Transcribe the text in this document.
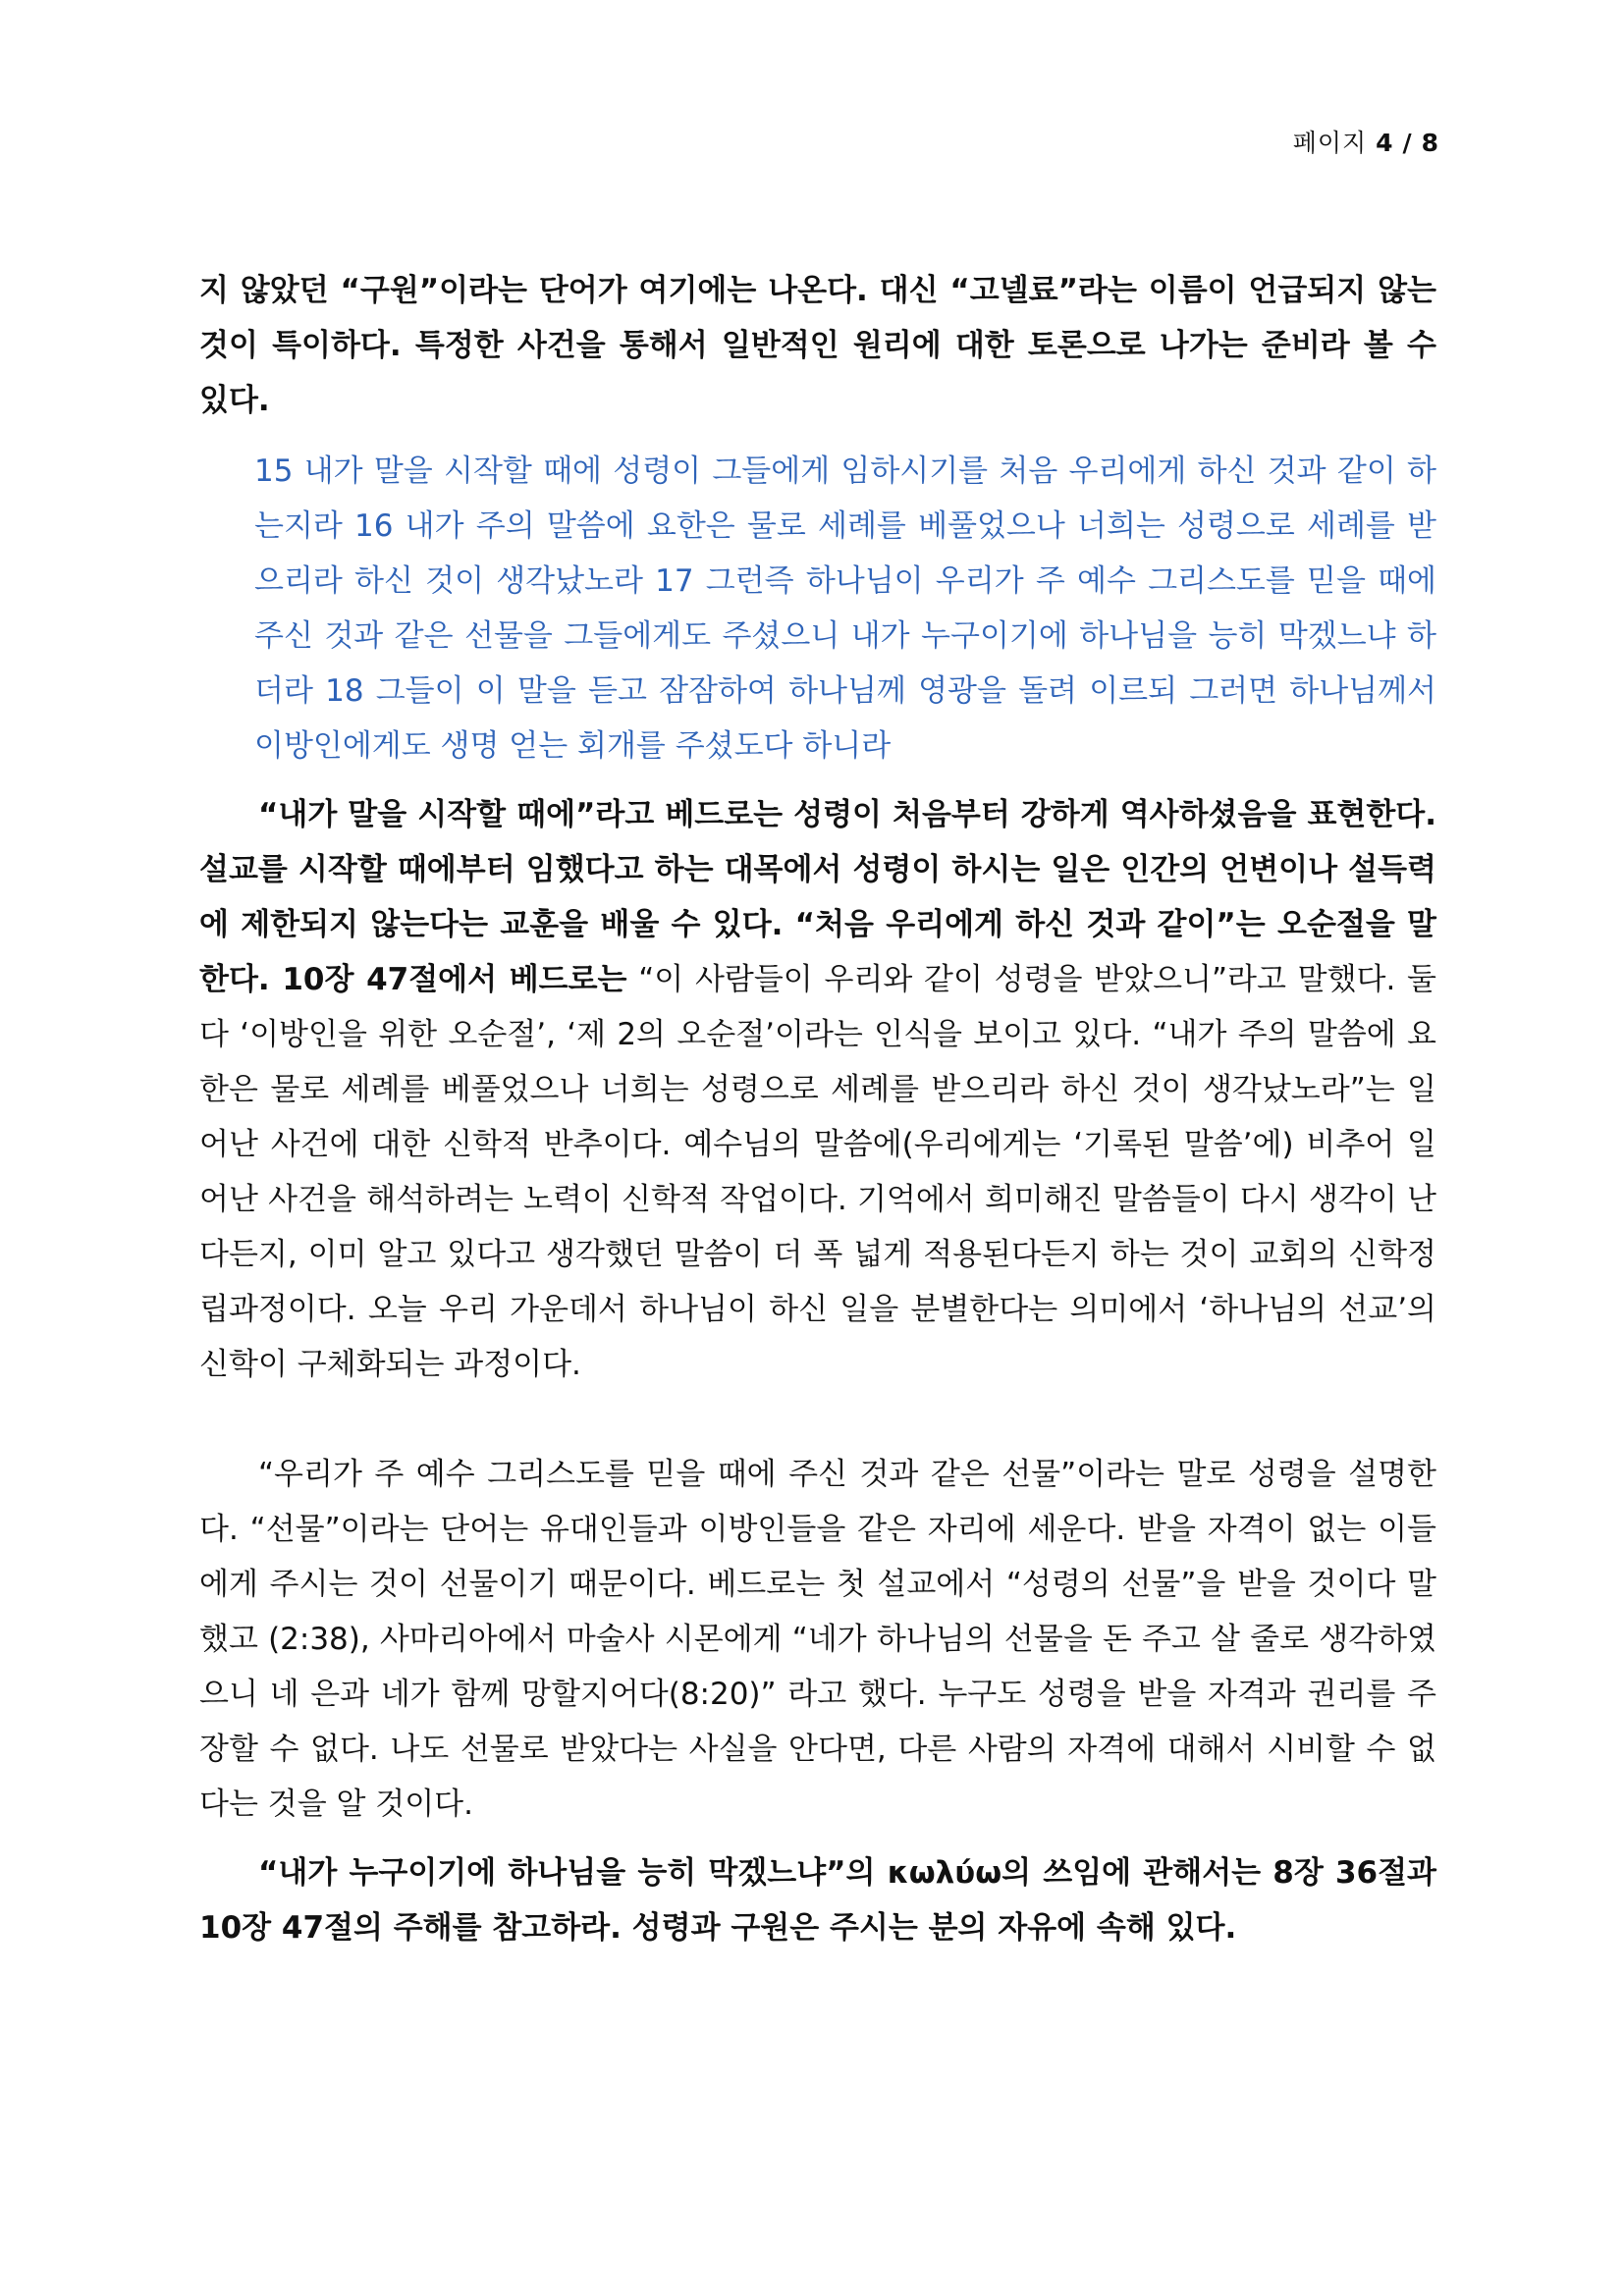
페이지 4 / 8

지 않았던 “구원”이라는 단어가 여기에는 나온다. 대신 “고넬료”라는 이름이 언급되지 않는 것이 특이하다. 특정한 사건을 통해서 일반적인 원리에 대한 토론으로 나가는 준비라 볼 수 있다.

15 내가 말을 시작할 때에 성령이 그들에게 임하시기를 처음 우리에게 하신 것과 같이 하는지라 16 내가 주의 말씀에 요한은 물로 세례를 베풀었으나 너희는 성령으로 세례를 받으리라 하신 것이 생각났노라 17 그런즉 하나님이 우리가 주 예수 그리스도를 믿을 때에 주신 것과 같은 선물을 그들에게도 주셨으니 내가 누구이기에 하나님을 능히 막겠느냐 하더라 18 그들이 이 말을 듣고 잠잠하여 하나님께 영광을 돌려 이르되 그러면 하나님께서 이방인에게도 생명 얻는 회개를 주셨도다 하니라

“내가 말을 시작할 때에”라고 베드로는 성령이 처음부터 강하게 역사하셨음을 표현한다. 설교를 시작할 때에부터 임했다고 하는 대목에서 성령이 하시는 일은 인간의 언변이나 설득력에 제한되지 않는다는 교훈을 배울 수 있다. “처음 우리에게 하신 것과 같이”는 오순절을 말한다. 10장 47절에서 베드로는 “이 사람들이 우리와 같이 성령을 받았으니”라고 말했다. 둘 다 ‘이방인을 위한 오순절’, ‘제 2의 오순절’이라는 인식을 보이고 있다. “내가 주의 말씀에 요한은 물로 세례를 베풀었으나 너희는 성령으로 세례를 받으리라 하신 것이 생각났노라”는 일어난 사건에 대한 신학적 반추이다. 예수님의 말씀에(우리에게는 ‘기록된 말씀’에) 비추어 일어난 사건을 해석하려는 노력이 신학적 작업이다. 기억에서 희미해진 말씀들이 다시 생각이 난다든지, 이미 알고 있다고 생각했던 말씀이 더 폭 넓게 적용된다든지 하는 것이 교회의 신학정립과정이다. 오늘 우리 가운데서 하나님이 하신 일을 분별한다는 의미에서 ‘하나님의 선교’의 신학이 구체화되는 과정이다.

“우리가 주 예수 그리스도를 믿을 때에 주신 것과 같은 선물”이라는 말로 성령을 설명한다. “선물”이라는 단어는 유대인들과 이방인들을 같은 자리에 세운다. 받을 자격이 없는 이들에게 주시는 것이 선물이기 때문이다. 베드로는 첫 설교에서 “성령의 선물”을 받을 것이다 말했고 (2:38), 사마리아에서 마술사 시몬에게 “네가 하나님의 선물을 돈 주고 살 줄로 생각하였으니 네 은과 네가 함께 망할지어다(8:20)” 라고 했다. 누구도 성령을 받을 자격과 권리를 주장할 수 없다. 나도 선물로 받았다는 사실을 안다면, 다른 사람의 자격에 대해서 시비할 수 없다는 것을 알 것이다.

“내가 누구이기에 하나님을 능히 막겠느냐”의 κωλύω의 쓰임에 관해서는 8장 36절과 10장 47절의 주해를 참고하라. 성령과 구원은 주시는 분의 자유에 속해 있다.
